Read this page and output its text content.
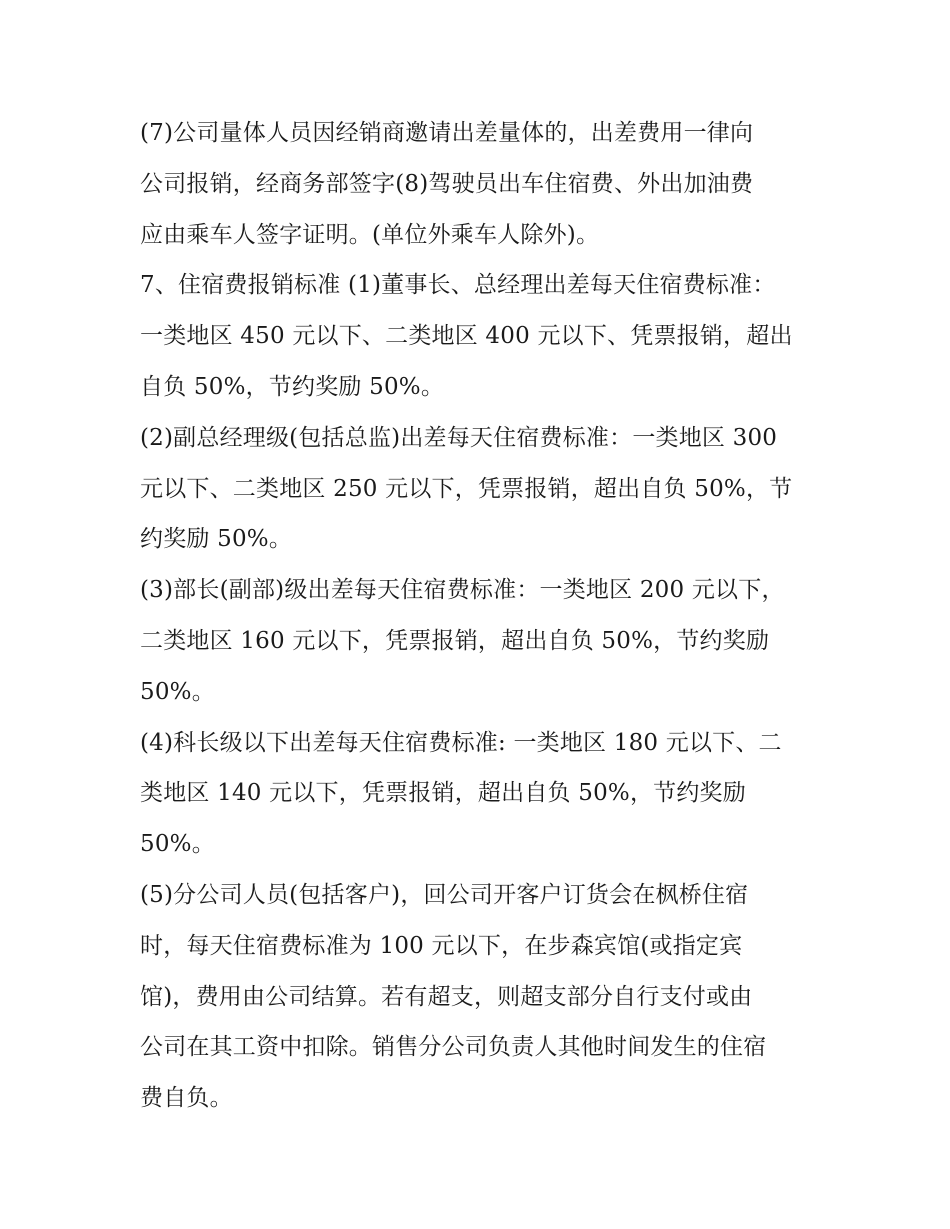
(7)公司量体人员因经销商邀请出差量体的，出差费用一律向
公司报销，经商务部签字(8)驾驶员出车住宿费、外出加油费
应由乘车人签字证明。(单位外乘车人除外)。
7、住宿费报销标准 (1)董事长、总经理出差每天住宿费标准：
一类地区 450 元以下、二类地区 400 元以下、凭票报销，超出
自负 50%，节约奖励 50%。
(2)副总经理级(包括总监)出差每天住宿费标准：一类地区 300
元以下、二类地区 250 元以下，凭票报销，超出自负 50%，节
约奖励 50%。
(3)部长(副部)级出差每天住宿费标准：一类地区 200 元以下，
二类地区 160 元以下，凭票报销，超出自负 50%，节约奖励
50%。
(4)科长级以下出差每天住宿费标准: 一类地区 180 元以下、二
类地区 140 元以下，凭票报销，超出自负 50%，节约奖励
50%。
(5)分公司人员(包括客户)，回公司开客户订货会在枫桥住宿
时，每天住宿费标准为 100 元以下，在步森宾馆(或指定宾
馆)，费用由公司结算。若有超支，则超支部分自行支付或由
公司在其工资中扣除。销售分公司负责人其他时间发生的住宿
费自负。
